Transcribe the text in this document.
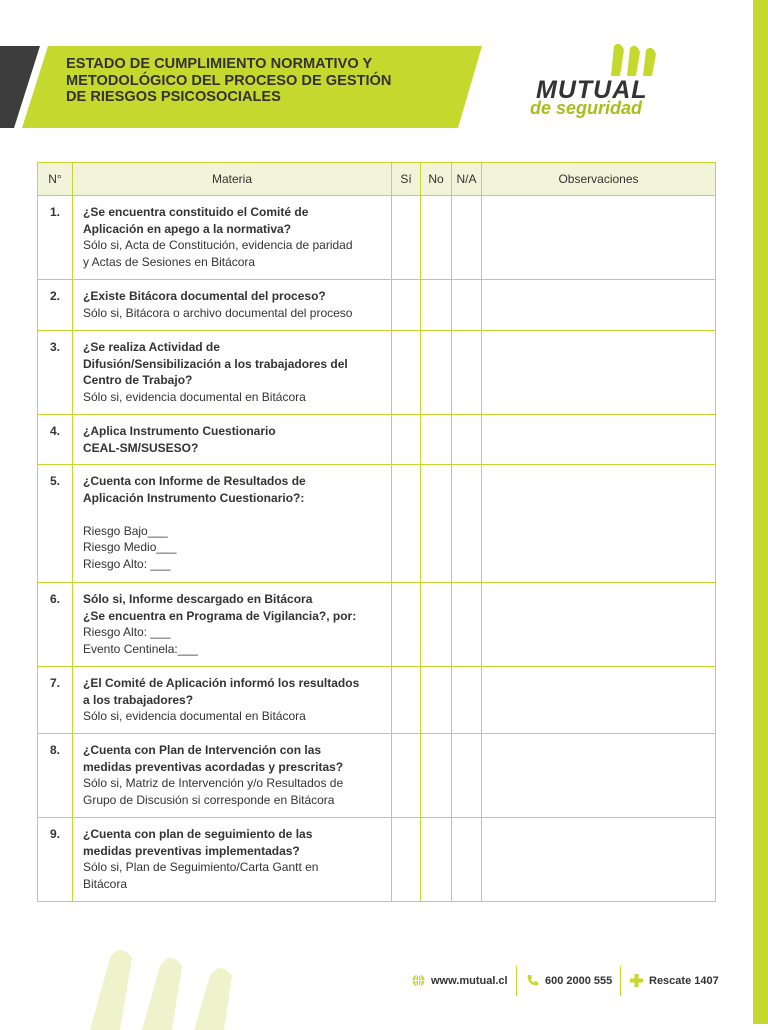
ESTADO DE CUMPLIMIENTO NORMATIVO Y
METODOLÓGICO DEL PROCESO DE GESTIÓN
DE RIESGOS PSICOSOCIALES	MUTUAL
de seguridad
N°	Materia	Sí	No	N/A	Observaciones
1.	¿Se encuentra constituido el Comité de
Aplicación en apego a la normativa?
Sólo si, Acta de Constitución, evidencia de paridad
y Actas de Sesiones en Bitácora				

2.	¿Existe Bitácora documental del proceso?
Sólo si, Bitácora o archivo documental del proceso				

3.	¿Se realiza Actividad de
Difusión/Sensibilización a los trabajadores del
Centro de Trabajo?
Sólo si, evidencia documental en Bitácora				

4.	¿Aplica Instrumento Cuestionario
CEAL-SM/SUSESO?				

5.	¿Cuenta con Informe de Resultados de
Aplicación Instrumento Cuestionario?:
Riesgo Bajo___
Riesgo Medio___
Riesgo Alto: ___				

6.	Sólo si, Informe descargado en Bitácora
¿Se encuentra en Programa de Vigilancia?, por:
Riesgo Alto: ___
Evento Centinela:___				

7.	¿El Comité de Aplicación informó los resultados
a los trabajadores?
Sólo si, evidencia documental en Bitácora				

8.	¿Cuenta con Plan de Intervención con las
medidas preventivas acordadas y prescritas?
Sólo si, Matriz de Intervención y/o Resultados de
Grupo de Discusión si corresponde en Bitácora				

9.	¿Cuenta con plan de seguimiento de las
medidas preventivas implementadas?
Sólo si, Plan de Seguimiento/Carta Gantt en
Bitácora				

www.mutual.cl	600 2000 555	Rescate 1407
